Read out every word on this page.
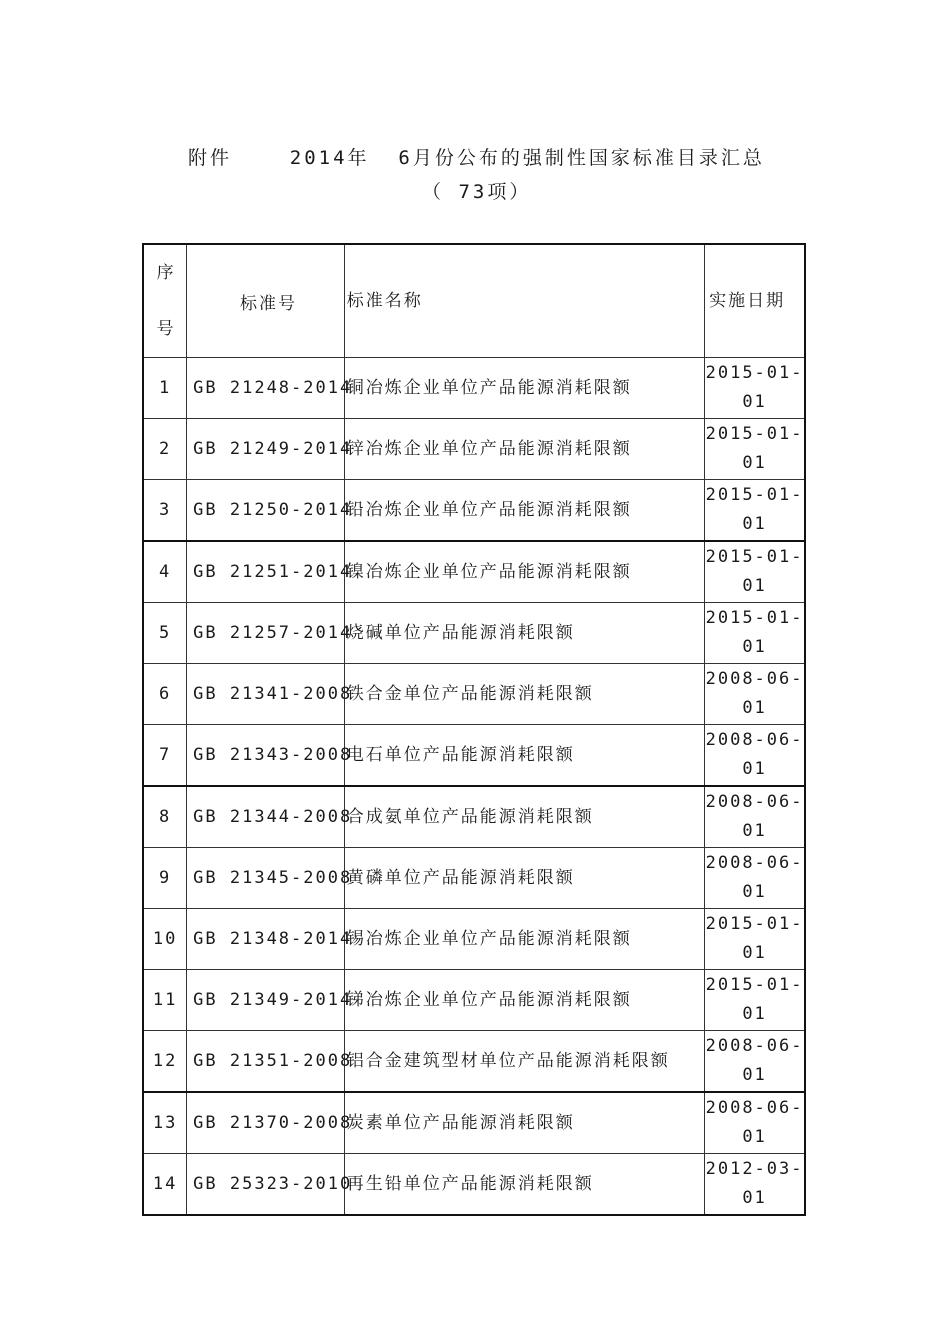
附件    2014年  6月份公布的强制性国家标准目录汇总
（ 73项）
序号	标准号	标准名称	实施日期
1	GB 21248-2014	铜冶炼企业单位产品能源消耗限额	2015-01-01
2	GB 21249-2014	锌冶炼企业单位产品能源消耗限额	2015-01-01
3	GB 21250-2014	铅冶炼企业单位产品能源消耗限额	2015-01-01
4	GB 21251-2014	镍冶炼企业单位产品能源消耗限额	2015-01-01
5	GB 21257-2014	烧碱单位产品能源消耗限额	2015-01-01
6	GB 21341-2008	铁合金单位产品能源消耗限额	2008-06-01
7	GB 21343-2008	电石单位产品能源消耗限额	2008-06-01
8	GB 21344-2008	合成氨单位产品能源消耗限额	2008-06-01
9	GB 21345-2008	黄磷单位产品能源消耗限额	2008-06-01
10	GB 21348-2014	锡冶炼企业单位产品能源消耗限额	2015-01-01
11	GB 21349-2014	锑冶炼企业单位产品能源消耗限额	2015-01-01
12	GB 21351-2008	铝合金建筑型材单位产品能源消耗限额	2008-06-01
13	GB 21370-2008	炭素单位产品能源消耗限额	2008-06-01
14	GB 25323-2010	再生铅单位产品能源消耗限额	2012-03-01
